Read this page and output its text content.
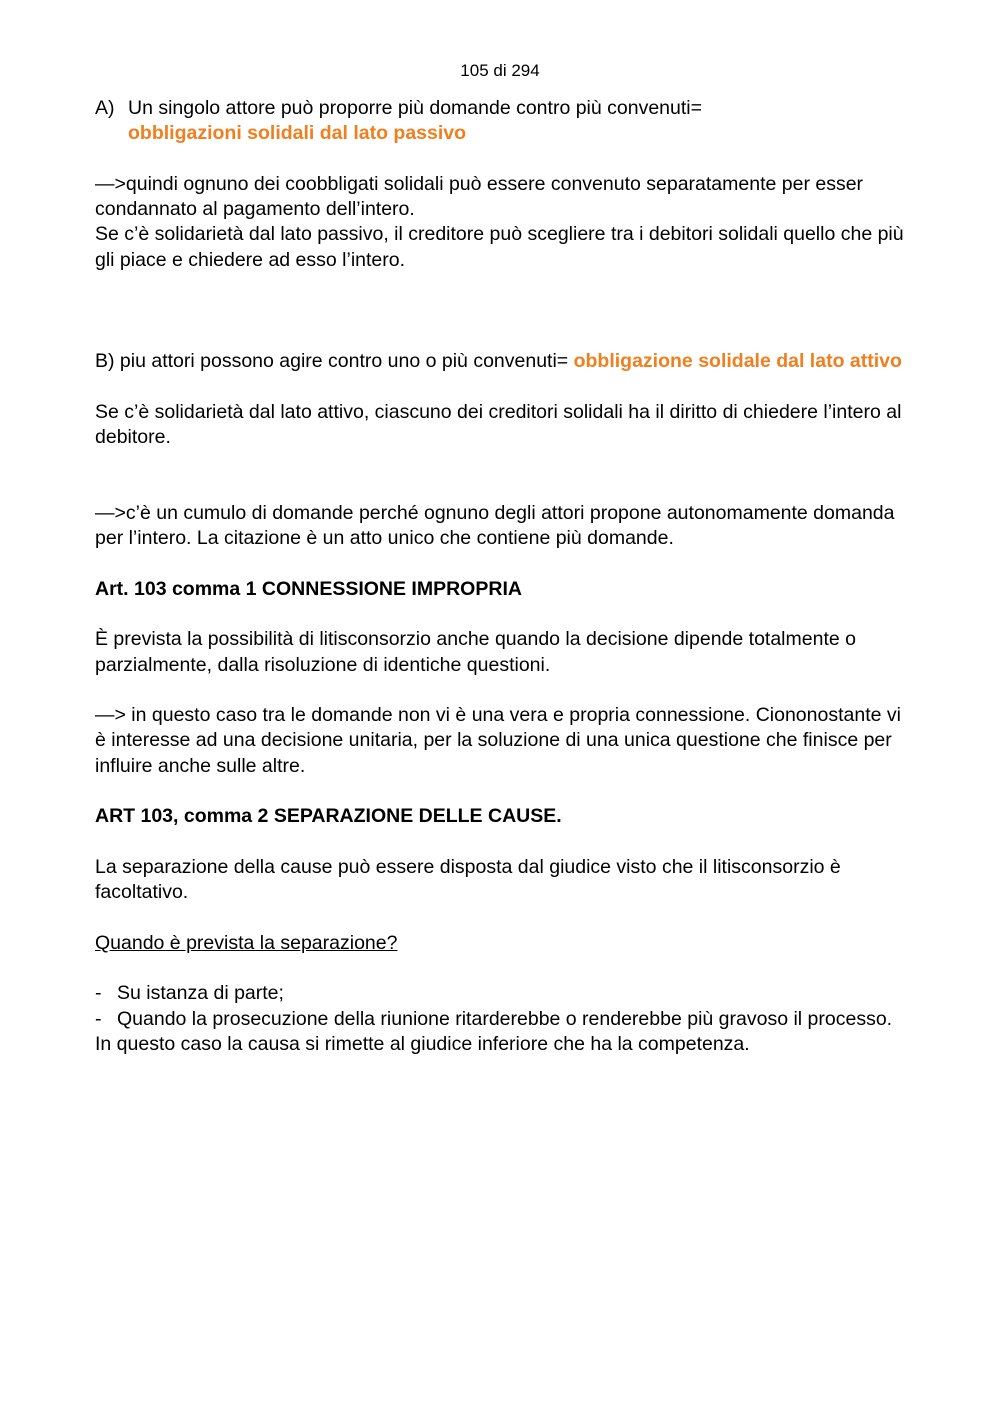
105 di 294
A) Un singolo attore può proporre più domande contro più convenuti=

obbligazioni solidali dal lato passivo

—>quindi ognuno dei coobbligati solidali può essere convenuto separatamente per esser condannato al pagamento dell’intero.

Se c’è solidarietà dal lato passivo, il creditore può scegliere tra i debitori solidali quello che più gli piace e chiedere ad esso l’intero.

B) piu attori possono agire contro uno o più convenuti= obbligazione solidale dal lato attivo

Se c’è solidarietà dal lato attivo, ciascuno dei creditori solidali ha il diritto di chiedere l’intero al debitore.

—>c’è un cumulo di domande perché ognuno degli attori propone autonomamente domanda per l’intero. La citazione è un atto unico che contiene più domande.

Art. 103 comma 1 CONNESSIONE IMPROPRIA

È prevista la possibilità di litisconsorzio anche quando la decisione dipende totalmente o parzialmente, dalla risoluzione di identiche questioni.

—> in questo caso tra le domande non vi è una vera e propria connessione. Ciononostante vi è interesse ad una decisione unitaria, per la soluzione di una unica questione che finisce per influire anche sulle altre.

ART 103, comma 2 SEPARAZIONE DELLE CAUSE.

La separazione della cause può essere disposta dal giudice visto che il litisconsorzio è facoltativo.

Quando è prevista la separazione?

- Su istanza di parte;
- Quando la prosecuzione della riunione ritarderebbe o renderebbe più gravoso il processo.

In questo caso la causa si rimette al giudice inferiore che ha la competenza.
